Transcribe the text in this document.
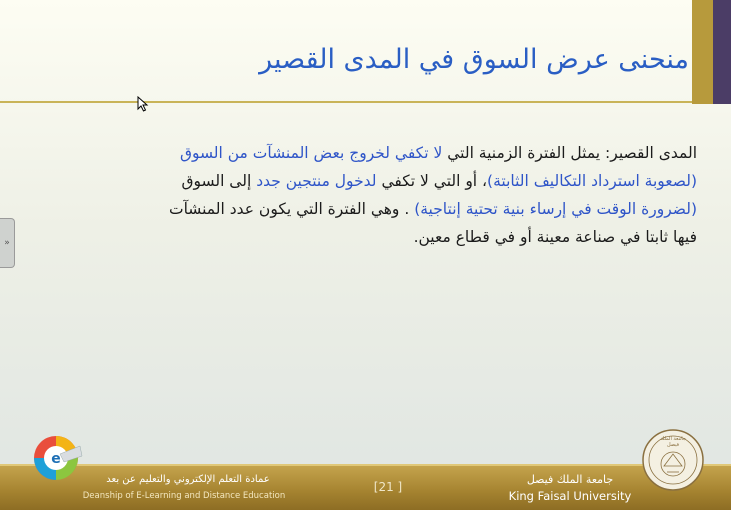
منحنى عرض السوق في المدى القصير
المدى القصير: يمثل الفترة الزمنية التي لا تكفي لخروج بعض المنشآت من السوق
(لصعوبة استرداد التكاليف الثابتة)، أو التي لا تكفي لدخول منتجين جدد إلى السوق
(لضرورة الوقت في إرساء بنية تحتية إنتاجية) . وهي الفترة التي يكون عدد المنشآت
فيها ثابتا في صناعة معينة أو في قطاع معين.
»
e
عمادة التعلم الإلكتروني والتعليم عن بعد
Deanship of E-Learning and Distance Education
[21 ]
جامعة الملك فيصل
King Faisal University
جامعة الملك فيصل
